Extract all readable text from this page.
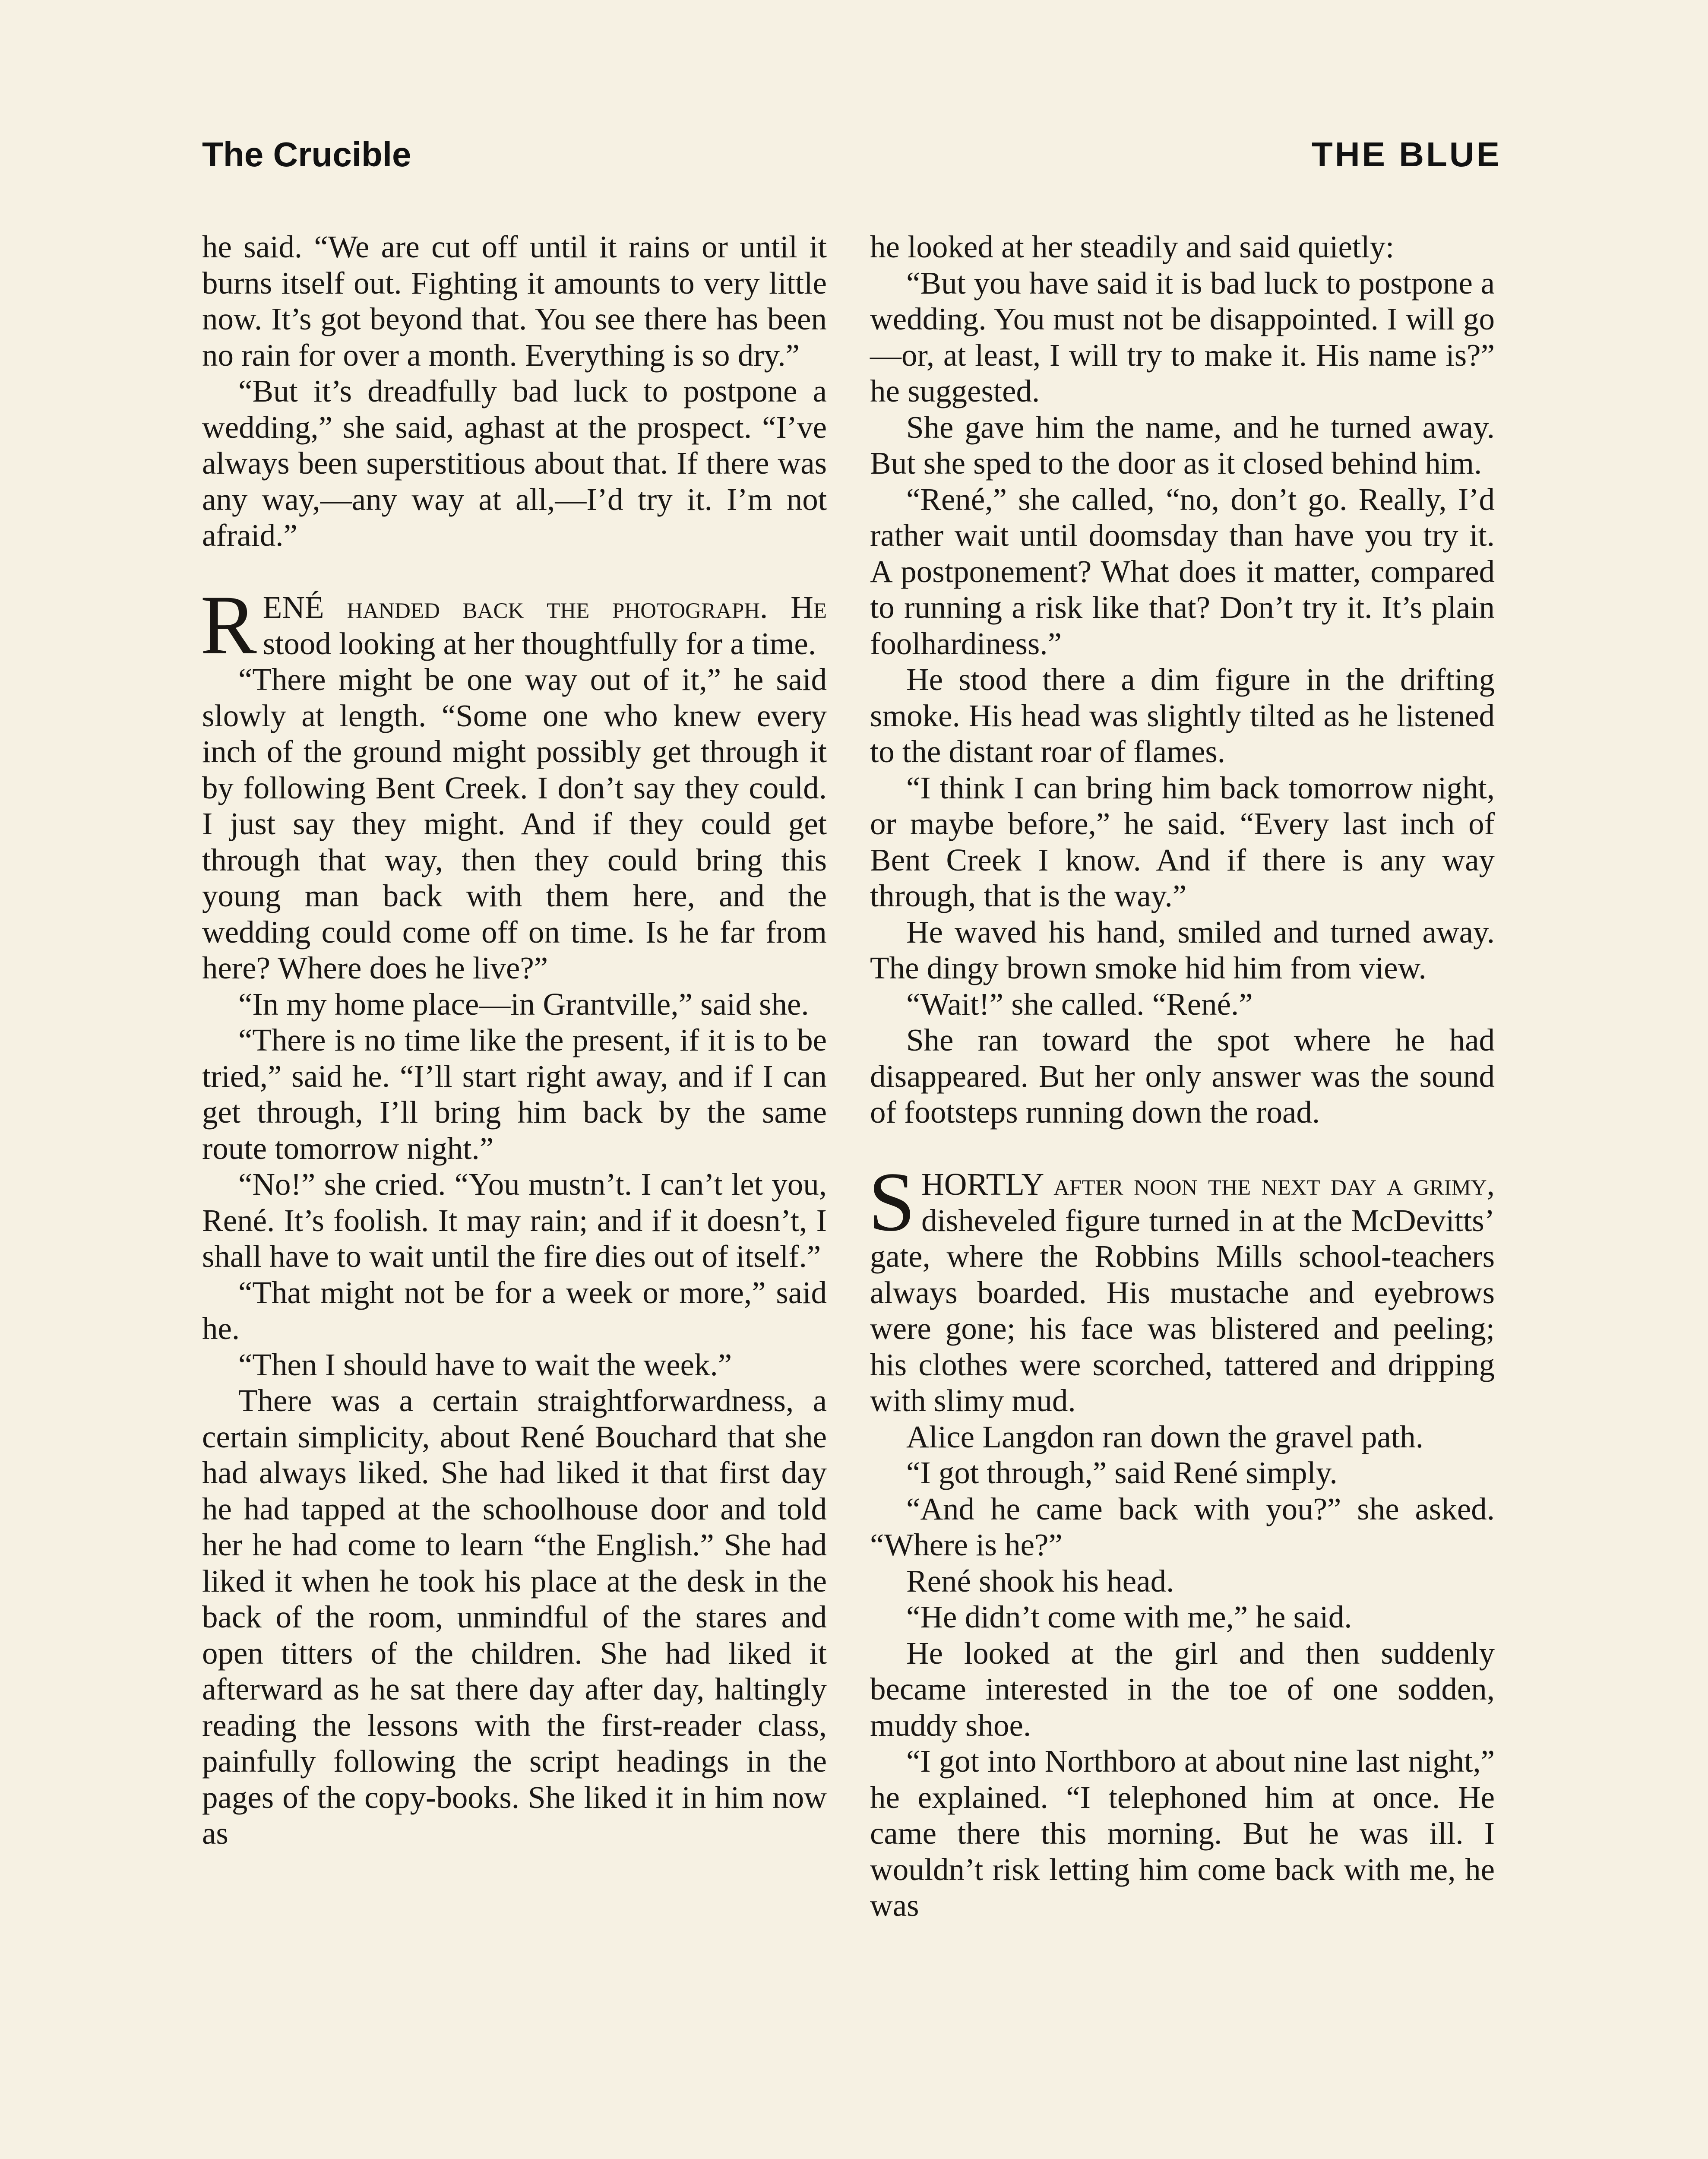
The Crucible	THE BLUE

he said. “We are cut off until it rains or until it burns itself out. Fighting it amounts to very little now. It’s got beyond that. You see there has been no rain for over a month. Everything is so dry.”

“But it’s dreadfully bad luck to postpone a wedding,” she said, aghast at the prospect. “I’ve always been superstitious about that. If there was any way,—any way at all,—I’d try it. I’m not afraid.”

RENÉ handed back the photograph. He stood looking at her thoughtfully for a time.

“There might be one way out of it,” he said slowly at length. “Some one who knew every inch of the ground might possibly get through it by following Bent Creek. I don’t say they could. I just say they might. And if they could get through that way, then they could bring this young man back with them here, and the wedding could come off on time. Is he far from here? Where does he live?”

“In my home place—in Grantville,” said she.

“There is no time like the present, if it is to be tried,” said he. “I’ll start right away, and if I can get through, I’ll bring him back by the same route tomorrow night.”

“No!” she cried. “You mustn’t. I can’t let you, René. It’s foolish. It may rain; and if it doesn’t, I shall have to wait until the fire dies out of itself.”

“That might not be for a week or more,” said he.

“Then I should have to wait the week.”

There was a certain straightforwardness, a certain simplicity, about René Bouchard that she had always liked. She had liked it that first day he had tapped at the schoolhouse door and told her he had come to learn “the English.” She had liked it when he took his place at the desk in the back of the room, unmindful of the stares and open titters of the children. She had liked it afterward as he sat there day after day, haltingly reading the lessons with the first-reader class, painfully following the script headings in the pages of the copy-books. She liked it in him now as

he looked at her steadily and said quietly:

“But you have said it is bad luck to postpone a wedding. You must not be disappointed. I will go—or, at least, I will try to make it. His name is?” he suggested.

She gave him the name, and he turned away. But she sped to the door as it closed behind him.

“René,” she called, “no, don’t go. Really, I’d rather wait until doomsday than have you try it. A postponement? What does it matter, compared to running a risk like that? Don’t try it. It’s plain foolhardiness.”

He stood there a dim figure in the drifting smoke. His head was slightly tilted as he listened to the distant roar of flames.

“I think I can bring him back tomorrow night, or maybe before,” he said. “Every last inch of Bent Creek I know. And if there is any way through, that is the way.”

He waved his hand, smiled and turned away. The dingy brown smoke hid him from view.

“Wait!” she called. “René.”

She ran toward the spot where he had disappeared. But her only answer was the sound of footsteps running down the road.

SHORTLY after noon the next day a grimy, disheveled figure turned in at the McDevitts’ gate, where the Robbins Mills school-teachers always boarded. His mustache and eyebrows were gone; his face was blistered and peeling; his clothes were scorched, tattered and dripping with slimy mud.

Alice Langdon ran down the gravel path.

“I got through,” said René simply.

“And he came back with you?” she asked. “Where is he?”

René shook his head.

“He didn’t come with me,” he said.

He looked at the girl and then suddenly became interested in the toe of one sodden, muddy shoe.

“I got into Northboro at about nine last night,” he explained. “I telephoned him at once. He came there this morning. But he was ill. I wouldn’t risk letting him come back with me, he was
